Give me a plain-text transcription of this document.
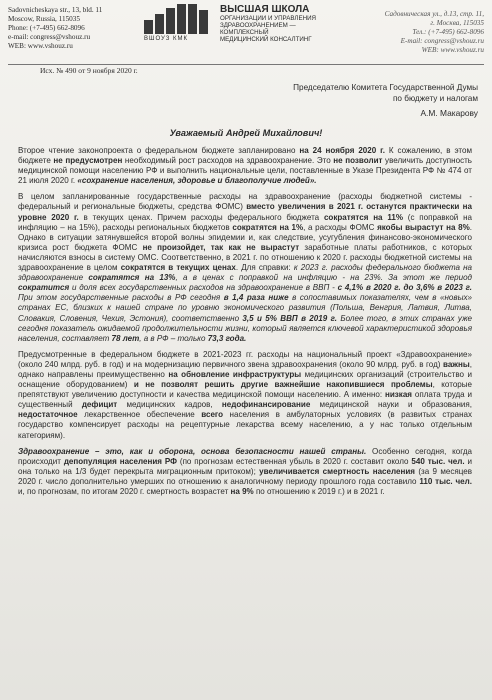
Sadovnicheskaya str., 13, bld. 11
Moscow, Russia, 115035
Phone: (+7-495) 662-8096
e-mail: congress@vshouz.ru
WEB: www.vshouz.ru
ВШОУЗ КМК
ВЫСШАЯ ШКОЛА
ОРГАНИЗАЦИИ И УПРАВЛЕНИЯ
ЗДРАВООХРАНЕНИЕМ —
КОМПЛЕКСНЫЙ
МЕДИЦИНСКИЙ КОНСАЛТИНГ
Садовническая ул., д.13, стр. 11,
г. Москва, 115035
Тел.: (+7-495) 662-8096
E-mail: congress@vshouz.ru
WEB: www.vshouz.ru
Исх. № 490 от 9 ноября 2020 г.
Председателю Комитета Государственной Думы
по бюджету и налогам
А.М. Макарову
Уважаемый Андрей Михайлович!

Второе чтение законопроекта о федеральном бюджете запланировано на 24 ноября 2020 г. К сожалению, в этом бюджете не предусмотрен необходимый рост расходов на здравоохранение. Это не позволит увеличить доступность медицинской помощи населению РФ и выполнить национальные цели, поставленные в Указе Президента РФ № 474 от 21 июля 2020 г. «сохранение населения, здоровье и благополучие людей».

В целом запланированные государственные расходы на здравоохранение (расходы бюджетной системы - федеральный и региональные бюджеты, средства ФОМС) вместо увеличения в 2021 г. останутся практически на уровне 2020 г. в текущих ценах. Причем расходы федерального бюджета сократятся на 11% (с поправкой на инфляцию – на 15%), расходы региональных бюджетов сократятся на 1%, а расходы ФОМС якобы вырастут на 8%. Однако в ситуации затянувшейся второй волны эпидемии и, как следствие, усугубления финансово-экономического кризиса рост бюджета ФОМС не произойдет, так как не вырастут заработные платы работников, с которых начисляются взносы в систему ОМС. Соответственно, в 2021 г. по отношению к 2020 г. расходы бюджетной системы на здравоохранение в целом сократятся в текущих ценах. Для справки: к 2023 г. расходы федерального бюджета на здравоохранение сократятся на 13%, а в ценах с поправкой на инфляцию - на 23%. За этот же период сократится и доля всех государственных расходов на здравоохранение в ВВП - с 4,1% в 2020 г. до 3,6% в 2023 г. При этом государственные расходы в РФ сегодня в 1,4 раза ниже в сопоставимых показателях, чем в «новых» странах ЕС, близких к нашей стране по уровню экономического развития (Польша, Венгрия, Латвия, Литва, Словакия, Словения, Чехия, Эстония), соответственно 3,5 и 5% ВВП в 2019 г. Более того, в этих странах уже сегодня показатель ожидаемой продолжительности жизни, который является ключевой характеристикой здоровья населения, составляет 78 лет, а в РФ – только 73,3 года.

Предусмотренные в федеральном бюджете в 2021-2023 гг. расходы на национальный проект «Здравоохранение» (около 240 млрд. руб. в год) и на модернизацию первичного звена здравоохранения (около 90 млрд. руб. в год) важны, однако направлены преимущественно на обновление инфраструктуры медицинских организаций (строительство и оснащение оборудованием) и не позволят решить другие важнейшие накопившиеся проблемы, которые препятствуют увеличению доступности и качества медицинской помощи населению. А именно: низкая оплата труда и существенный дефицит медицинских кадров, недофинансирование медицинской науки и образования, недостаточное лекарственное обеспечение всего населения в амбулаторных условиях (в развитых странах государство компенсирует расходы на рецептурные лекарства всему населению, а у нас только отдельным категориям).

Здравоохранение – это, как и оборона, основа безопасности нашей страны. Особенно сегодня, когда происходит депопуляция населения РФ (по прогнозам естественная убыль в 2020 г. составит около 540 тыс. чел. и она только на 1/3 будет перекрыта миграционным притоком); увеличивается смертность населения (за 9 месяцев 2020 г. число дополнительно умерших по отношению к аналогичному периоду прошлого года составило 110 тыс. чел. и, по прогнозам, по итогам 2020 г. смертность возрастет на 9% по отношению к 2019 г.) и в 2021 г.
